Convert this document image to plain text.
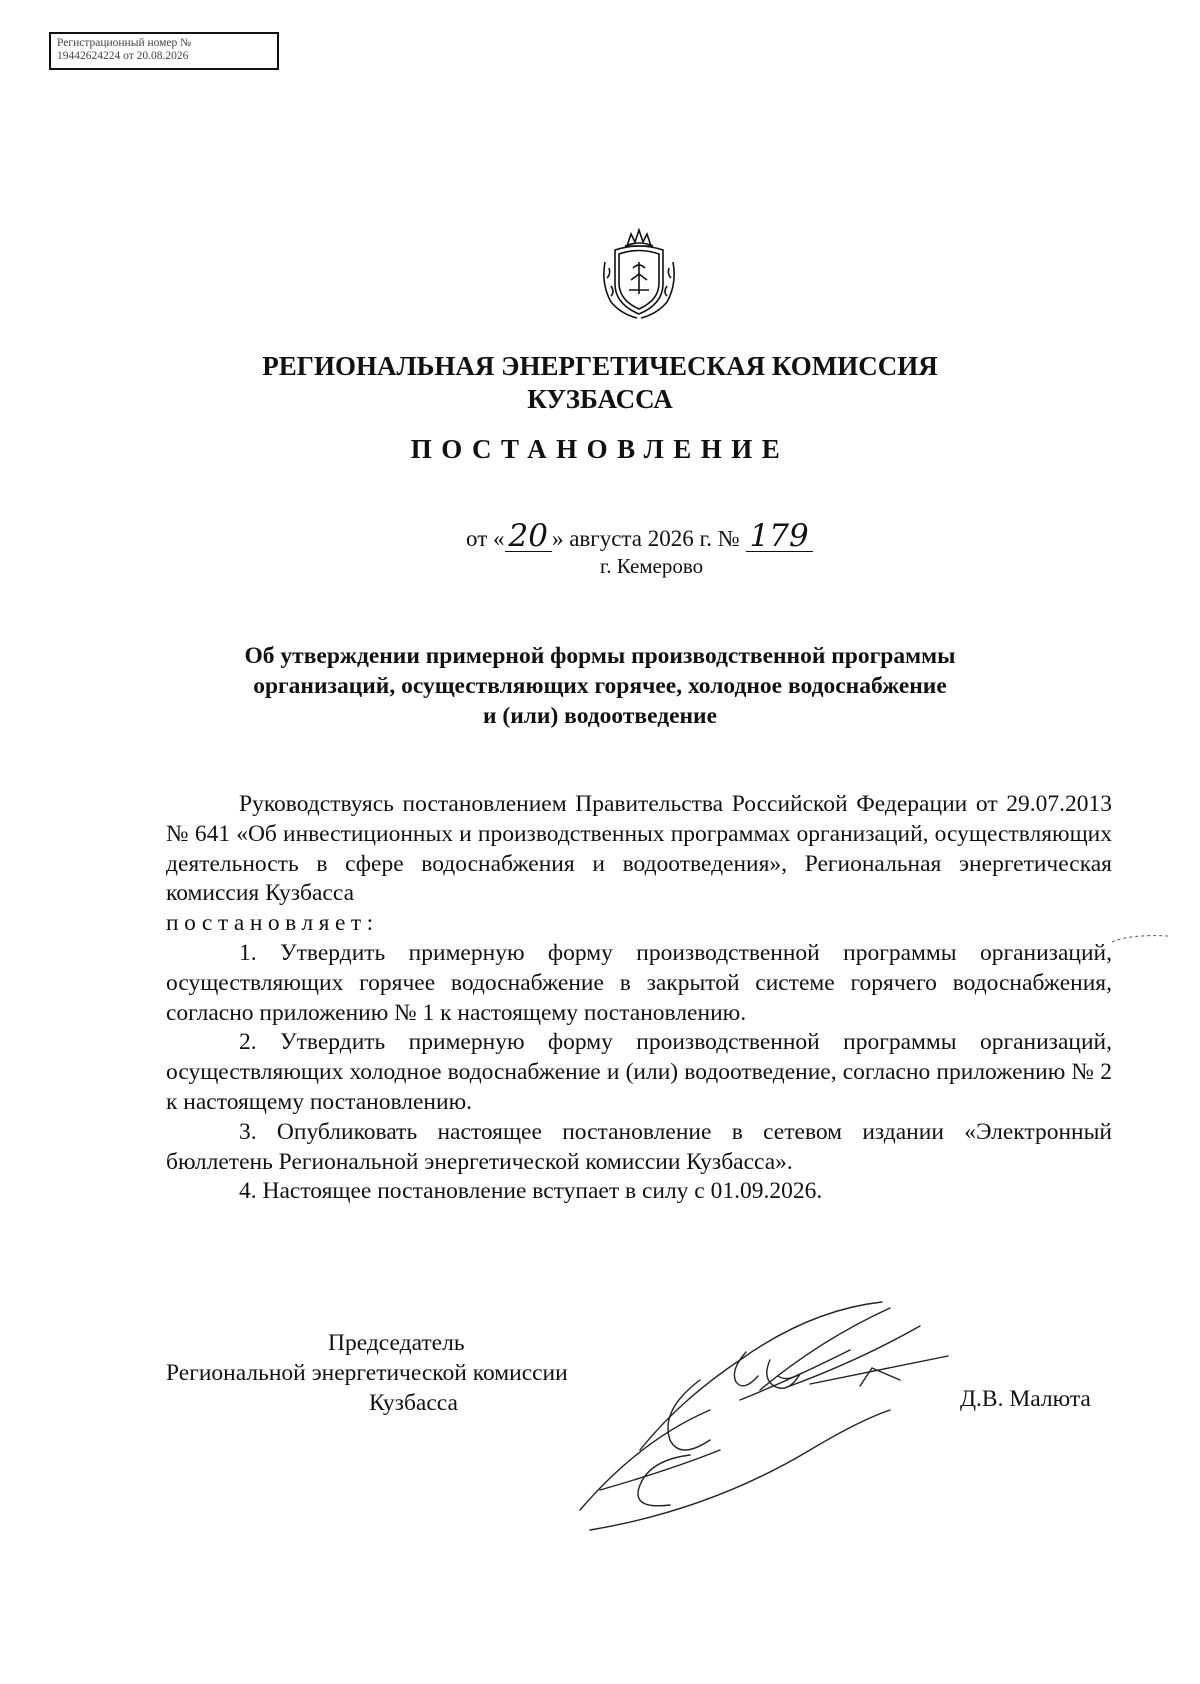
Регистрационный номер №
19442624224 от 20.08.2026
РЕГИОНАЛЬНАЯ ЭНЕРГЕТИЧЕСКАЯ КОМИССИЯ
КУЗБАССА
ПОСТАНОВЛЕНИЕ
от « 20 » августа 2026 г. № 179
г. Кемерово
Об утверждении примерной формы производственной программы
организаций, осуществляющих горячее, холодное водоснабжение
и (или) водоотведение

Руководствуясь постановлением Правительства Российской Федерации от 29.07.2013 № 641 «Об инвестиционных и производственных программах организаций, осуществляющих деятельность в сфере водоснабжения и водоотведения», Региональная энергетическая комиссия Кузбасса

постановляет:

1. Утвердить примерную форму производственной программы организаций, осуществляющих горячее водоснабжение в закрытой системе горячего водоснабжения, согласно приложению № 1 к настоящему постановлению.

2. Утвердить примерную форму производственной программы организаций, осуществляющих холодное водоснабжение и (или) водоотведение, согласно приложению № 2 к настоящему постановлению.

3. Опубликовать настоящее постановление в сетевом издании «Электронный бюллетень Региональной энергетической комиссии Кузбасса».

4. Настоящее постановление вступает в силу с 01.09.2026.

Председатель
Региональной энергетической комиссии
Кузбасса	Д.В. Малюта
